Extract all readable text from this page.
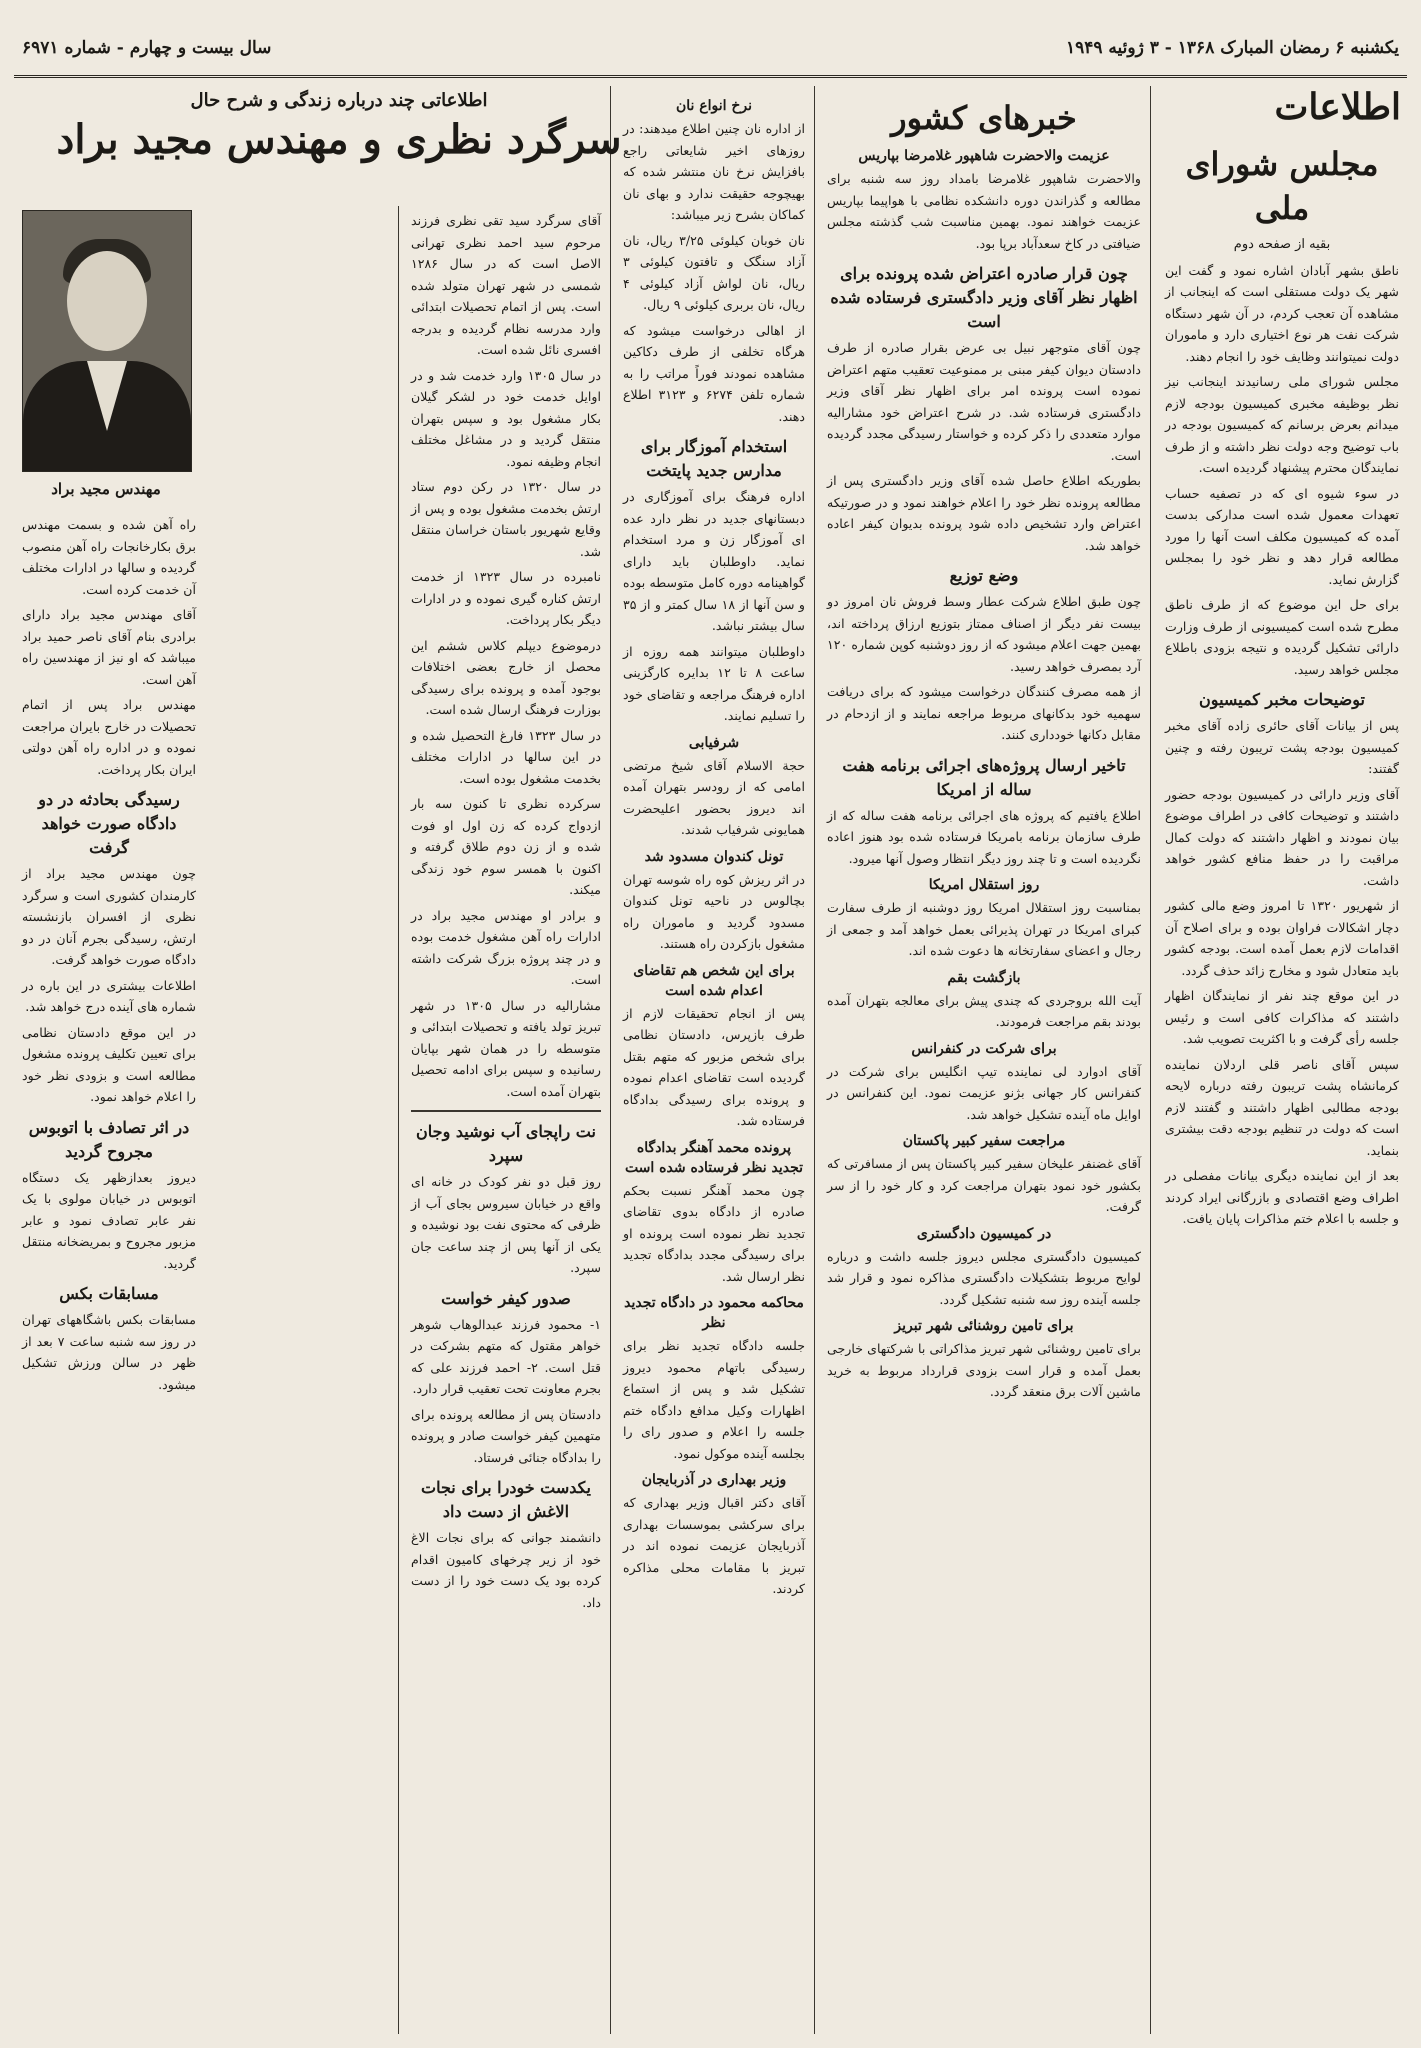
یکشنبه ۶ رمضان المبارک ۱۳۶۸ - ۳ ژوئیه ۱۹۴۹
سال بیست و چهارم - شماره ۶۹۷۱
اطلاعات
مجلس شورای ملی
بقیه از صفحه دوم

ناطق بشهر آبادان اشاره نمود و گفت این شهر یک دولت مستقلی است که اینجانب از مشاهده آن تعجب کردم، در آن شهر دستگاه شرکت نفت هر نوع اختیاری دارد و ماموران دولت نمیتوانند وظایف خود را انجام دهند.

مجلس شورای ملی رسانیدند اینجانب نیز نظر بوظیفه مخبری کمیسیون بودجه لازم میدانم بعرض برسانم که کمیسیون بودجه در باب توضیح وجه دولت نظر داشته و از طرف نمایندگان محترم پیشنهاد گردیده است.

در سوء شیوه ای که در تصفیه حساب تعهدات معمول شده است مدارکی بدست آمده که کمیسیون مکلف است آنها را مورد مطالعه قرار دهد و نظر خود را بمجلس گزارش نماید.

برای حل این موضوع که از طرف ناطق مطرح شده است کمیسیونی از طرف وزارت دارائی تشکیل گردیده و نتیجه بزودی باطلاع مجلس خواهد رسید.

توضیحات مخبر کمیسیون

پس از بیانات آقای حائری زاده آقای مخبر کمیسیون بودجه پشت تریبون رفته و چنین گفتند:

آقای وزیر دارائی در کمیسیون بودجه حضور داشتند و توضیحات کافی در اطراف موضوع بیان نمودند و اظهار داشتند که دولت کمال مراقبت را در حفظ منافع کشور خواهد داشت.

از شهریور ۱۳۲۰ تا امروز وضع مالی کشور دچار اشکالات فراوان بوده و برای اصلاح آن اقدامات لازم بعمل آمده است. بودجه کشور باید متعادل شود و مخارج زائد حذف گردد.

در این موقع چند نفر از نمایندگان اظهار داشتند که مذاکرات کافی است و رئیس جلسه رأی گرفت و با اکثریت تصویب شد.

سپس آقای ناصر قلی اردلان نماینده کرمانشاه پشت تریبون رفته درباره لایحه بودجه مطالبی اظهار داشتند و گفتند لازم است که دولت در تنظیم بودجه دقت بیشتری بنماید.

بعد از این نماینده دیگری بیانات مفصلی در اطراف وضع اقتصادی و بازرگانی ایراد کردند و جلسه با اعلام ختم مذاکرات پایان یافت.

خبرهای کشور
عزیمت والاحضرت شاهپور غلامرضا بپاریس

والاحضرت شاهپور غلامرضا بامداد روز سه شنبه برای مطالعه و گذراندن دوره دانشکده نظامی با هواپیما بپاریس عزیمت خواهند نمود. بهمین مناسبت شب گذشته مجلس ضیافتی در کاخ سعدآباد برپا بود.

چون قرار صادره اعتراض شده پرونده برای اظهار نظر آقای وزیر دادگستری فرستاده شده است

چون آقای متوجهر نبیل بی عرض بقرار صادره از طرف دادستان دیوان کیفر مبنی بر ممنوعیت تعقیب متهم اعتراض نموده است پرونده امر برای اظهار نظر آقای وزیر دادگستری فرستاده شد. در شرح اعتراض خود مشارالیه موارد متعددی را ذکر کرده و خواستار رسیدگی مجدد گردیده است.

بطوریکه اطلاع حاصل شده آقای وزیر دادگستری پس از مطالعه پرونده نظر خود را اعلام خواهند نمود و در صورتیکه اعتراض وارد تشخیص داده شود پرونده بدیوان کیفر اعاده خواهد شد.

وضع توزیع

چون طبق اطلاع شرکت عطار وسط فروش نان امروز دو بیست نفر دیگر از اصناف ممتاز بتوزیع ارزاق پرداخته اند، بهمین جهت اعلام میشود که از روز دوشنبه کوپن شماره ۱۲۰ آرد بمصرف خواهد رسید.

از همه مصرف کنندگان درخواست میشود که برای دریافت سهمیه خود بدکانهای مربوط مراجعه نمایند و از ازدحام در مقابل دکانها خودداری کنند.

تاخیر ارسال پروژه‌های اجرائی برنامه هفت ساله از امریکا

اطلاع یافتیم که پروژه های اجرائی برنامه هفت ساله که از طرف سازمان برنامه بامریکا فرستاده شده بود هنوز اعاده نگردیده است و تا چند روز دیگر انتظار وصول آنها میرود.

روز استقلال امریکا

بمناسبت روز استقلال امریکا روز دوشنبه از طرف سفارت کبرای امریکا در تهران پذیرائی بعمل خواهد آمد و جمعی از رجال و اعضای سفارتخانه ها دعوت شده اند.

بازگشت بقم

آیت الله بروجردی که چندی پیش برای معالجه بتهران آمده بودند بقم مراجعت فرمودند.

برای شرکت در کنفرانس

آقای ادوارد لی نماینده تیپ انگلیس برای شرکت در کنفرانس کار جهانی بژنو عزیمت نمود. این کنفرانس در اوایل ماه آینده تشکیل خواهد شد.

مراجعت سفیر کبیر پاکستان

آقای غضنفر علیخان سفیر کبیر پاکستان پس از مسافرتی که بکشور خود نمود بتهران مراجعت کرد و کار خود را از سر گرفت.

در کمیسیون دادگستری

کمیسیون دادگستری مجلس دیروز جلسه داشت و درباره لوایح مربوط بتشکیلات دادگستری مذاکره نمود و قرار شد جلسه آینده روز سه شنبه تشکیل گردد.

برای تامین روشنائی شهر تبریز

برای تامین روشنائی شهر تبریز مذاکراتی با شرکتهای خارجی بعمل آمده و قرار است بزودی قرارداد مربوط به خرید ماشین آلات برق منعقد گردد.

نرخ انواع نان

از اداره نان چنین اطلاع میدهند: در روزهای اخیر شایعاتی راجع بافزایش نرخ نان منتشر شده که بهیچوجه حقیقت ندارد و بهای نان کماکان بشرح زیر میباشد:

نان خوبان کیلوئی ۳/۲۵ ریال، نان آزاد سنگک و تافتون کیلوئی ۳ ریال، نان لواش آزاد کیلوئی ۴ ریال، نان بربری کیلوئی ۹ ریال.

از اهالی درخواست میشود که هرگاه تخلفی از طرف دکاکین مشاهده نمودند فوراً مراتب را به شماره تلفن ۶۲۷۴ و ۳۱۲۳ اطلاع دهند.

استخدام آموزگار برای مدارس جدید پایتخت

اداره فرهنگ برای آموزگاری در دبستانهای جدید در نظر دارد عده ای آموزگار زن و مرد استخدام نماید. داوطلبان باید دارای گواهینامه دوره کامل متوسطه بوده و سن آنها از ۱۸ سال کمتر و از ۳۵ سال بیشتر نباشد.

داوطلبان میتوانند همه روزه از ساعت ۸ تا ۱۲ بدایره کارگزینی اداره فرهنگ مراجعه و تقاضای خود را تسلیم نمایند.

شرفیابی

حجة الاسلام آقای شیخ مرتضی امامی که از رودسر بتهران آمده اند دیروز بحضور اعلیحضرت همایونی شرفیاب شدند.

تونل کندوان مسدود شد

در اثر ریزش کوه راه شوسه تهران بچالوس در ناحیه تونل کندوان مسدود گردید و ماموران راه مشغول بازکردن راه هستند.

برای این شخص هم تقاضای اعدام شده است

پس از انجام تحقیقات لازم از طرف بازپرس، دادستان نظامی برای شخص مزبور که متهم بقتل گردیده است تقاضای اعدام نموده و پرونده برای رسیدگی بدادگاه فرستاده شد.

پرونده محمد آهنگر بدادگاه تجدید نظر فرستاده شده است

چون محمد آهنگر نسبت بحکم صادره از دادگاه بدوی تقاضای تجدید نظر نموده است پرونده او برای رسیدگی مجدد بدادگاه تجدید نظر ارسال شد.

محاکمه محمود در دادگاه تجدید نظر

جلسه دادگاه تجدید نظر برای رسیدگی باتهام محمود دیروز تشکیل شد و پس از استماع اظهارات وکیل مدافع دادگاه ختم جلسه را اعلام و صدور رای را بجلسه آینده موکول نمود.

وزیر بهداری در آذربایجان

آقای دکتر اقبال وزیر بهداری که برای سرکشی بموسسات بهداری آذربایجان عزیمت نموده اند در تبریز با مقامات محلی مذاکره کردند.

اطلاعاتی چند درباره زندگی و شرح حال
سرگرد نظری و مهندس مجید براد

آقای سرگرد سید تقی نظری فرزند مرحوم سید احمد نظری تهرانی الاصل است که در سال ۱۲۸۶ شمسی در شهر تهران متولد شده است. پس از اتمام تحصیلات ابتدائی وارد مدرسه نظام گردیده و بدرجه افسری نائل شده است.

در سال ۱۳۰۵ وارد خدمت شد و در اوایل خدمت خود در لشکر گیلان بکار مشغول بود و سپس بتهران منتقل گردید و در مشاغل مختلف انجام وظیفه نمود.

در سال ۱۳۲۰ در رکن دوم ستاد ارتش بخدمت مشغول بوده و پس از وقایع شهریور باستان خراسان منتقل شد.

نامبرده در سال ۱۳۲۳ از خدمت ارتش کناره گیری نموده و در ادارات دیگر بکار پرداخت.

درموضوع دیپلم کلاس ششم این محصل از خارج بعضی اختلافات بوجود آمده و پرونده برای رسیدگی بوزارت فرهنگ ارسال شده است.

در سال ۱۳۲۳ فارغ التحصیل شده و در این سالها در ادارات مختلف بخدمت مشغول بوده است.

سرکرده نظری تا کنون سه بار ازدواج کرده که زن اول او فوت شده و از زن دوم طلاق گرفته و اکنون با همسر سوم خود زندگی میکند.

و برادر او مهندس مجید براد در ادارات راه آهن مشغول خدمت بوده و در چند پروژه بزرگ شرکت داشته است.

مشارالیه در سال ۱۳۰۵ در شهر تبریز تولد یافته و تحصیلات ابتدائی و متوسطه را در همان شهر بپایان رسانیده و سپس برای ادامه تحصیل بتهران آمده است.

نت راپجای آب نوشید وجان سپرد

روز قبل دو نفر کودک در خانه ای واقع در خیابان سیروس بجای آب از ظرفی که محتوی نفت بود نوشیده و یکی از آنها پس از چند ساعت جان سپرد.

صدور کیفر خواست

۱- محمود فرزند عبدالوهاب شوهر خواهر مقتول که متهم بشرکت در قتل است. ۲- احمد فرزند علی که بجرم معاونت تحت تعقیب قرار دارد.

دادستان پس از مطالعه پرونده برای متهمین کیفر خواست صادر و پرونده را بدادگاه جنائی فرستاد.

یکدست خودرا برای نجات الاغش از دست داد

دانشمند جوانی که برای نجات الاغ خود از زیر چرخهای کامیون اقدام کرده بود یک دست خود را از دست داد.

مهندس مجید براد

راه آهن شده و بسمت مهندس برق بکارخانجات راه آهن منصوب گردیده و سالها در ادارات مختلف آن خدمت کرده است.

آقای مهندس مجید براد دارای برادری بنام آقای ناصر حمید براد میباشد که او نیز از مهندسین راه آهن است.

مهندس براد پس از اتمام تحصیلات در خارج بایران مراجعت نموده و در اداره راه آهن دولتی ایران بکار پرداخت.

رسیدگی بحادثه در دو دادگاه صورت خواهد گرفت

چون مهندس مجید براد از کارمندان کشوری است و سرگرد نظری از افسران بازنشسته ارتش، رسیدگی بجرم آنان در دو دادگاه صورت خواهد گرفت.

اطلاعات بیشتری در این باره در شماره های آینده درج خواهد شد.

در این موقع دادستان نظامی برای تعیین تکلیف پرونده مشغول مطالعه است و بزودی نظر خود را اعلام خواهد نمود.

در اثر تصادف با اتوبوس مجروح گردید

دیروز بعدازظهر یک دستگاه اتوبوس در خیابان مولوی با یک نفر عابر تصادف نمود و عابر مزبور مجروح و بمریضخانه منتقل گردید.

مسابقات بکس

مسابقات بکس باشگاههای تهران در روز سه شنبه ساعت ۷ بعد از ظهر در سالن ورزش تشکیل میشود.
